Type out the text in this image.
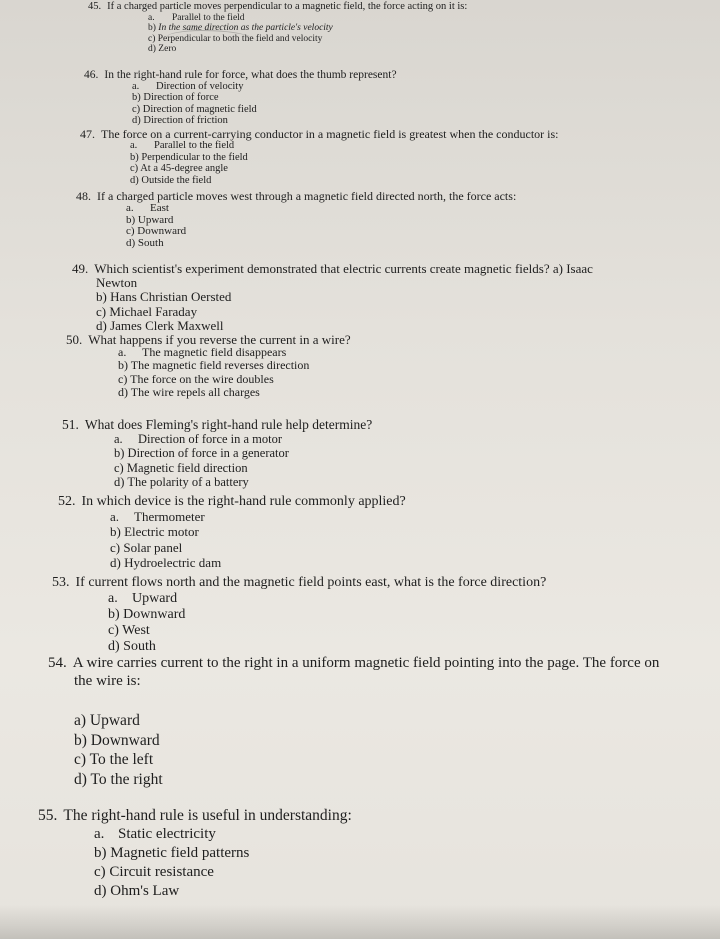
45. If a charged particle moves perpendicular to a magnetic field, the force acting on it is:
a. Parallel to the field
b) In the same direction as the particle's velocity
c) Perpendicular to both the field and velocity
d) Zero
46. In the right-hand rule for force, what does the thumb represent?
a. Direction of velocity
b) Direction of force
c) Direction of magnetic field
d) Direction of friction
47. The force on a current-carrying conductor in a magnetic field is greatest when the conductor is:
a. Parallel to the field
b) Perpendicular to the field
c) At a 45-degree angle
d) Outside the field
48. If a charged particle moves west through a magnetic field directed north, the force acts:
a. East
b) Upward
c) Downward
d) South
49. Which scientist's experiment demonstrated that electric currents create magnetic fields? a) Isaac
Newton
b) Hans Christian Oersted
c) Michael Faraday
d) James Clerk Maxwell
50. What happens if you reverse the current in a wire?
a. The magnetic field disappears
b) The magnetic field reverses direction
c) The force on the wire doubles
d) The wire repels all charges
51. What does Fleming's right-hand rule help determine?
a. Direction of force in a motor
b) Direction of force in a generator
c) Magnetic field direction
d) The polarity of a battery
52. In which device is the right-hand rule commonly applied?
a. Thermometer
b) Electric motor
c) Solar panel
d) Hydroelectric dam
53. If current flows north and the magnetic field points east, what is the force direction?
a. Upward
b) Downward
c) West
d) South
54. A wire carries current to the right in a uniform magnetic field pointing into the page. The force on
the wire is:
a) Upward
b) Downward
c) To the left
d) To the right
55. The right-hand rule is useful in understanding:
a. Static electricity
b) Magnetic field patterns
c) Circuit resistance
d) Ohm's Law
